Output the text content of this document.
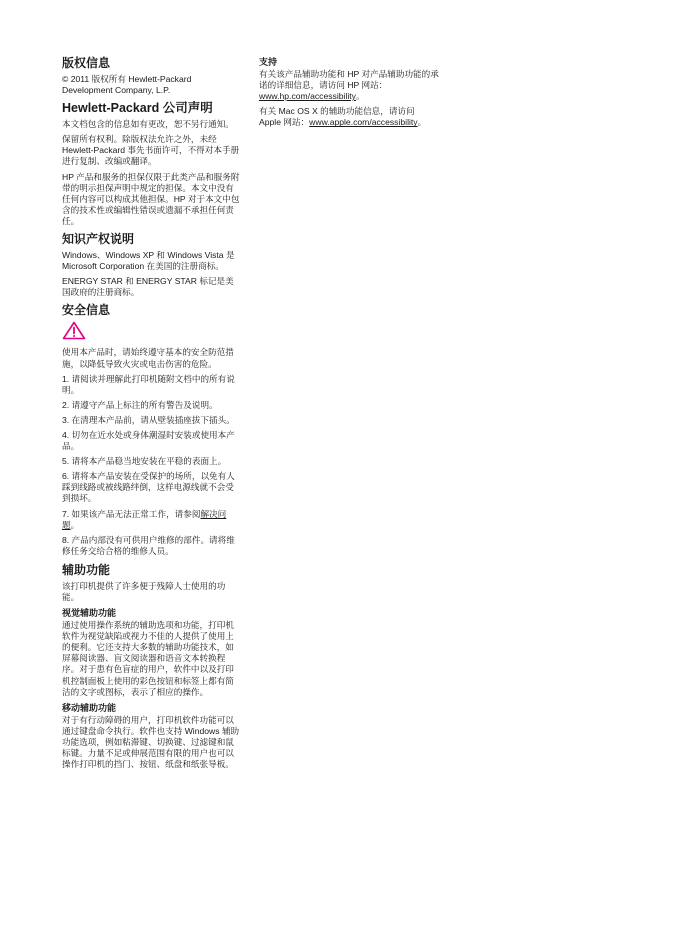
版权信息

© 2011 版权所有 Hewlett-Packard Development Company, L.P.

Hewlett-Packard 公司声明

本文档包含的信息如有更改，恕不另行通知。

保留所有权利。除版权法允许之外，未经 Hewlett-Packard 事先书面许可，不得对本手册进行复制、改编或翻译。

HP 产品和服务的担保仅限于此类产品和服务附带的明示担保声明中规定的担保。本文中没有任何内容可以构成其他担保。HP 对于本文中包含的技术性或编辑性错误或遗漏不承担任何责任。

知识产权说明

Windows、Windows XP 和 Windows Vista 是 Microsoft Corporation 在美国的注册商标。

ENERGY STAR 和 ENERGY STAR 标记是美国政府的注册商标。

安全信息

使用本产品时，请始终遵守基本的安全防范措施，以降低导致火灾或电击伤害的危险。

1. 请阅读并理解此打印机随附文档中的所有说明。

2. 请遵守产品上标注的所有警告及说明。

3. 在清理本产品前，请从壁装插座拔下插头。

4. 切勿在近水处或身体潮湿时安装或使用本产品。

5. 请将本产品稳当地安装在平稳的表面上。

6. 请将本产品安装在受保护的场所，以免有人踩到线路或被线路绊倒，这样电源线就不会受到损坏。

7. 如果该产品无法正常工作，请参阅解决问题。

8. 产品内部没有可供用户维修的部件。请将维修任务交给合格的维修人员。

辅助功能

该打印机提供了许多便于残障人士使用的功能。

视觉辅助功能

通过使用操作系统的辅助选项和功能，打印机软件为视觉缺陷或视力不佳的人提供了使用上的便利。它还支持大多数的辅助功能技术，如屏幕阅读器、盲文阅读器和语音文本转换程序。对于患有色盲症的用户，软件中以及打印机控制面板上使用的彩色按钮和标签上都有简洁的文字或图标，表示了相应的操作。

移动辅助功能

对于有行动障碍的用户，打印机软件功能可以通过键盘命令执行。软件也支持 Windows 辅助功能选项，例如粘滞键、切换键、过滤键和鼠标键。力量不足或伸展范围有限的用户也可以操作打印机的挡门、按钮、纸盘和纸张导板。

支持

有关该产品辅助功能和 HP 对产品辅助功能的承诺的详细信息，请访问 HP 网站：www.hp.com/accessibility。

有关 Mac OS X 的辅助功能信息，请访问 Apple 网站：www.apple.com/accessibility。
